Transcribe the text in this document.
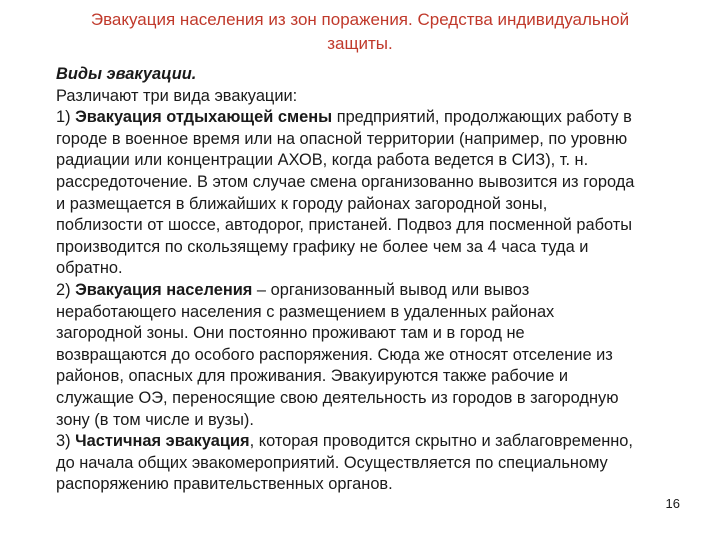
Эвакуация населения из зон поражения. Средства индивидуальной
защиты.
Виды эвакуации.
Различают три вида эвакуации:
1) Эвакуация отдыхающей смены предприятий, продолжающих работу в
городе в военное время или на опасной территории (например, по уровню
радиации или концентрации АХОВ, когда работа ведется в СИЗ), т. н.
рассредоточение. В этом случае смена организованно вывозится из города
и размещается в ближайших к городу районах загородной зоны,
поблизости от шоссе, автодорог, пристаней. Подвоз для посменной работы
производится по скользящему графику не более чем за 4 часа туда и
обратно.
2) Эвакуация населения – организованный вывод или вывоз
неработающего населения с размещением в удаленных районах
загородной зоны. Они постоянно проживают там и в город не
возвращаются до особого распоряжения. Сюда же относят отселение из
районов, опасных для проживания. Эвакуируются также рабочие и
служащие ОЭ, переносящие свою деятельность из городов в загородную
зону (в том числе и вузы).
3) Частичная эвакуация, которая проводится скрытно и заблаговременно,
до начала общих эвакомероприятий. Осуществляется по специальному
распоряжению правительственных органов.
16
